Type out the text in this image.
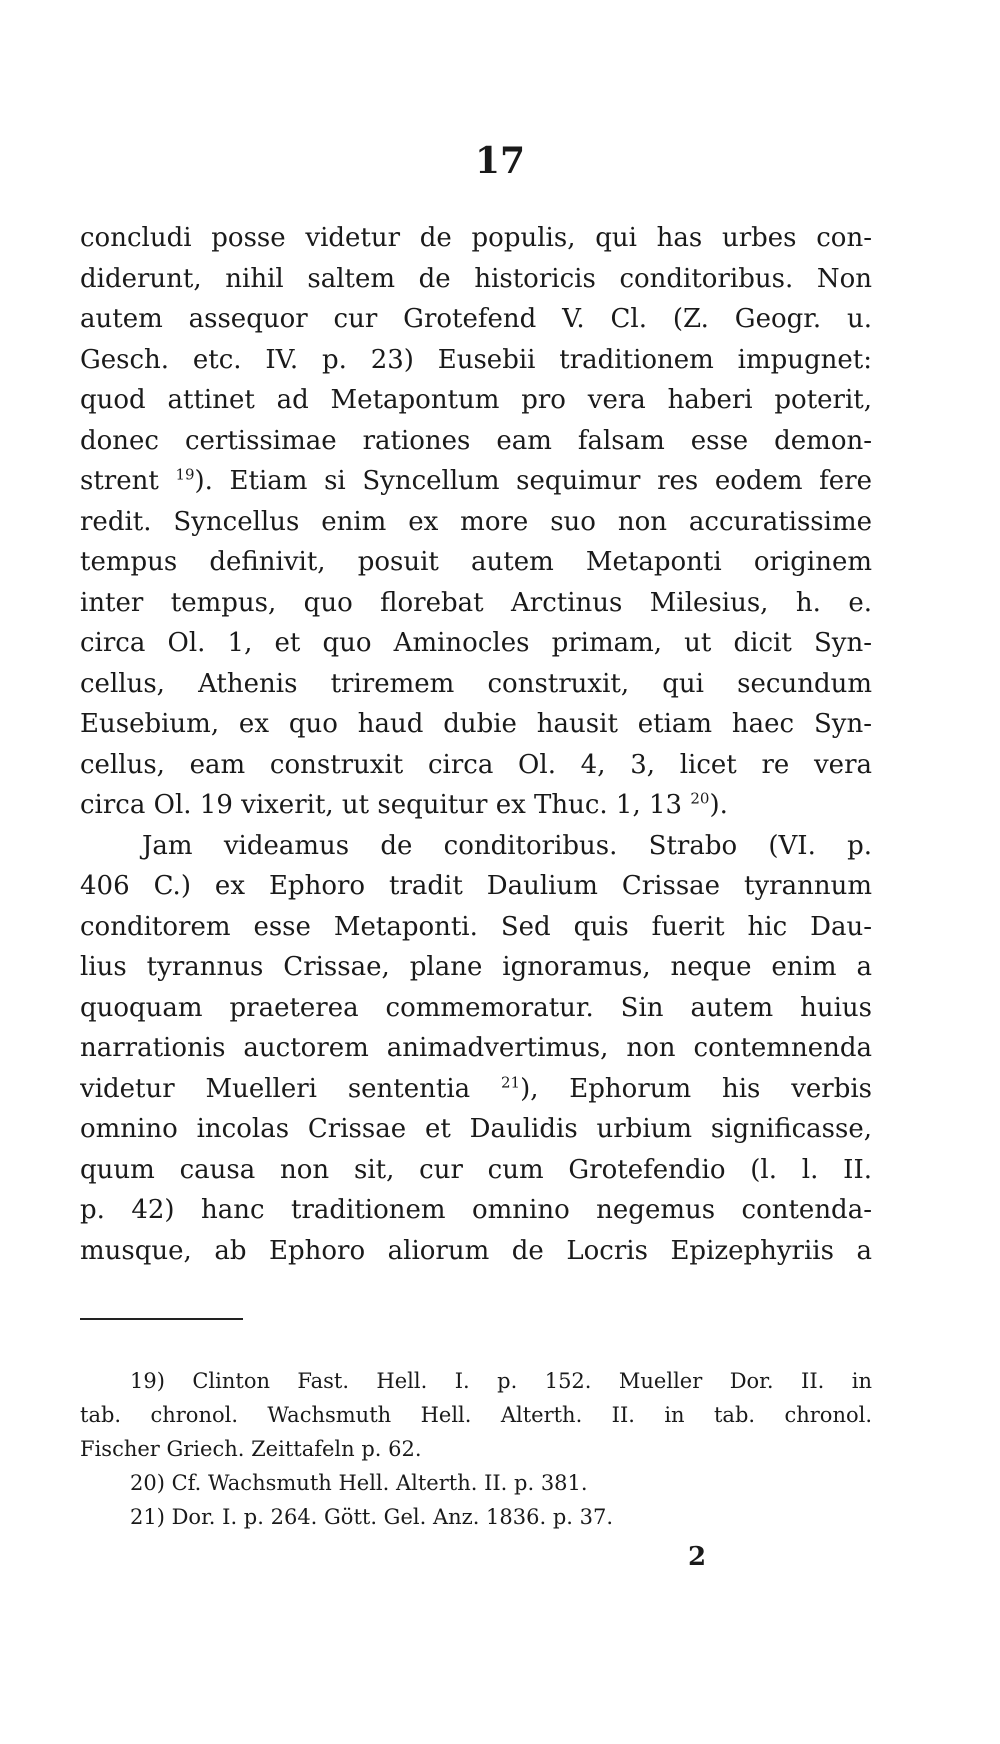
17
concludi posse videtur de populis, qui has urbes con-
diderunt, nihil saltem de historicis conditoribus. Non
autem assequor cur Grotefend V. Cl. (Z. Geogr. u.
Gesch. etc. IV. p. 23) Eusebii traditionem impugnet:
quod attinet ad Metapontum pro vera haberi poterit,
donec certissimae rationes eam falsam esse demon-
strent $^{19}$). Etiam si Syncellum sequimur res eodem fere
redit. Syncellus enim ex more suo non accuratissime
tempus definivit, posuit autem Metaponti originem
inter tempus, quo florebat Arctinus Milesius, h. e.
circa Ol. 1, et quo Aminocles primam, ut dicit Syn-
cellus, Athenis triremem construxit, qui secundum
Eusebium, ex quo haud dubie hausit etiam haec Syn-
cellus, eam construxit circa Ol. 4, 3, licet re vera
circa Ol. 19 vixerit, ut sequitur ex Thuc. 1, 13 $^{20}$).
Jam videamus de conditoribus. Strabo (VI. p.
406 C.) ex Ephoro tradit Daulium Crissae tyrannum
conditorem esse Metaponti. Sed quis fuerit hic Dau-
lius tyrannus Crissae, plane ignoramus, neque enim a
quoquam praeterea commemoratur. Sin autem huius
narrationis auctorem animadvertimus, non contemnenda
videtur Muelleri sententia $^{21}$), Ephorum his verbis
omnino incolas Crissae et Daulidis urbium significasse,
quum causa non sit, cur cum Grotefendio (l. l. II.
p. 42) hanc traditionem omnino negemus contenda-
musque, ab Ephoro aliorum de Locris Epizephyriis a
19) Clinton Fast. Hell. I. p. 152. Mueller Dor. II. in
tab. chronol. Wachsmuth Hell. Alterth. II. in tab. chronol.
Fischer Griech. Zeittafeln p. 62.
20) Cf. Wachsmuth Hell. Alterth. II. p. 381.
21) Dor. I. p. 264. Gött. Gel. Anz. 1836. p. 37.
2
